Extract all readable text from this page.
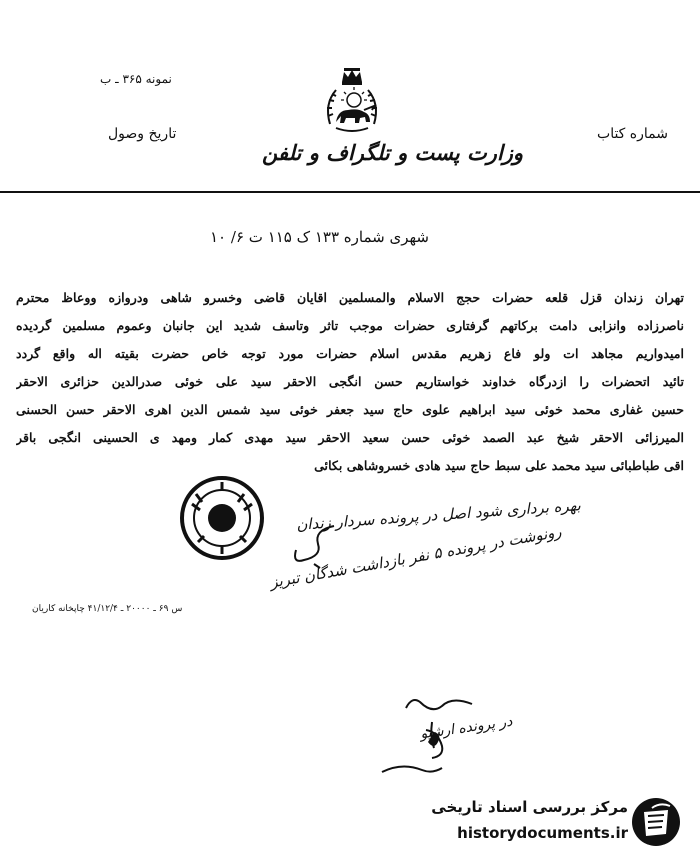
نمونه ۳۶۵ ـ ب
تاریخ وصول	شماره کتاب
وزارت پست و تلگراف و تلفن
شهری شماره ۱۳۳ ک ۱۱۵ ت ۶/ ۱۰
تهران زندان قزل قلعه حضرات حجج الاسلام والمسلمین اقایان قاضی وخسرو شاهی ودروازه ووعاظ محترم
ناصرزاده وانزابی دامت برکاتهم گرفتاری حضرات موجب تاثر وتاسف شدید این جانبان وعموم مسلمین گردیده
امیدواریم مجاهد ات ولو فاع زهریم مقدس اسلام حضرات مورد توجه خاص حضرت بقیته اله واقع گردد
تائید اتحضرات را ازدرگاه خداوند خواستاریم حسن انگجی الاحقر سید علی خوئی صدرالدین حزائری الاحقر
حسین غفاری محمد خوئی سید ابراهیم علوی حاج سید جعفر خوئی سید شمس الدین اهری الاحقر حسن الحسنی
المیرزائی الاحقر شیخ عبد الصمد خوئی حسن سعید الاحقر سید مهدی کمار ومهد ی الحسینی انگجی باقر
اقی طباطبائی سید محمد علی سبط حاج سید هادی خسروشاهی بکائی
بهره برداری شود اصل در پرونده سردار زندان
رونوشت در پرونده ۵ نفر بازداشت شدگان تبریز
س ۶۹ ـ ۲۰۰۰۰ ـ ۴۱/۱۲/۴ چاپخانه کاریان
در پرونده ارشیو
مرکز بررسی اسناد تاریخی
historydocuments.ir
